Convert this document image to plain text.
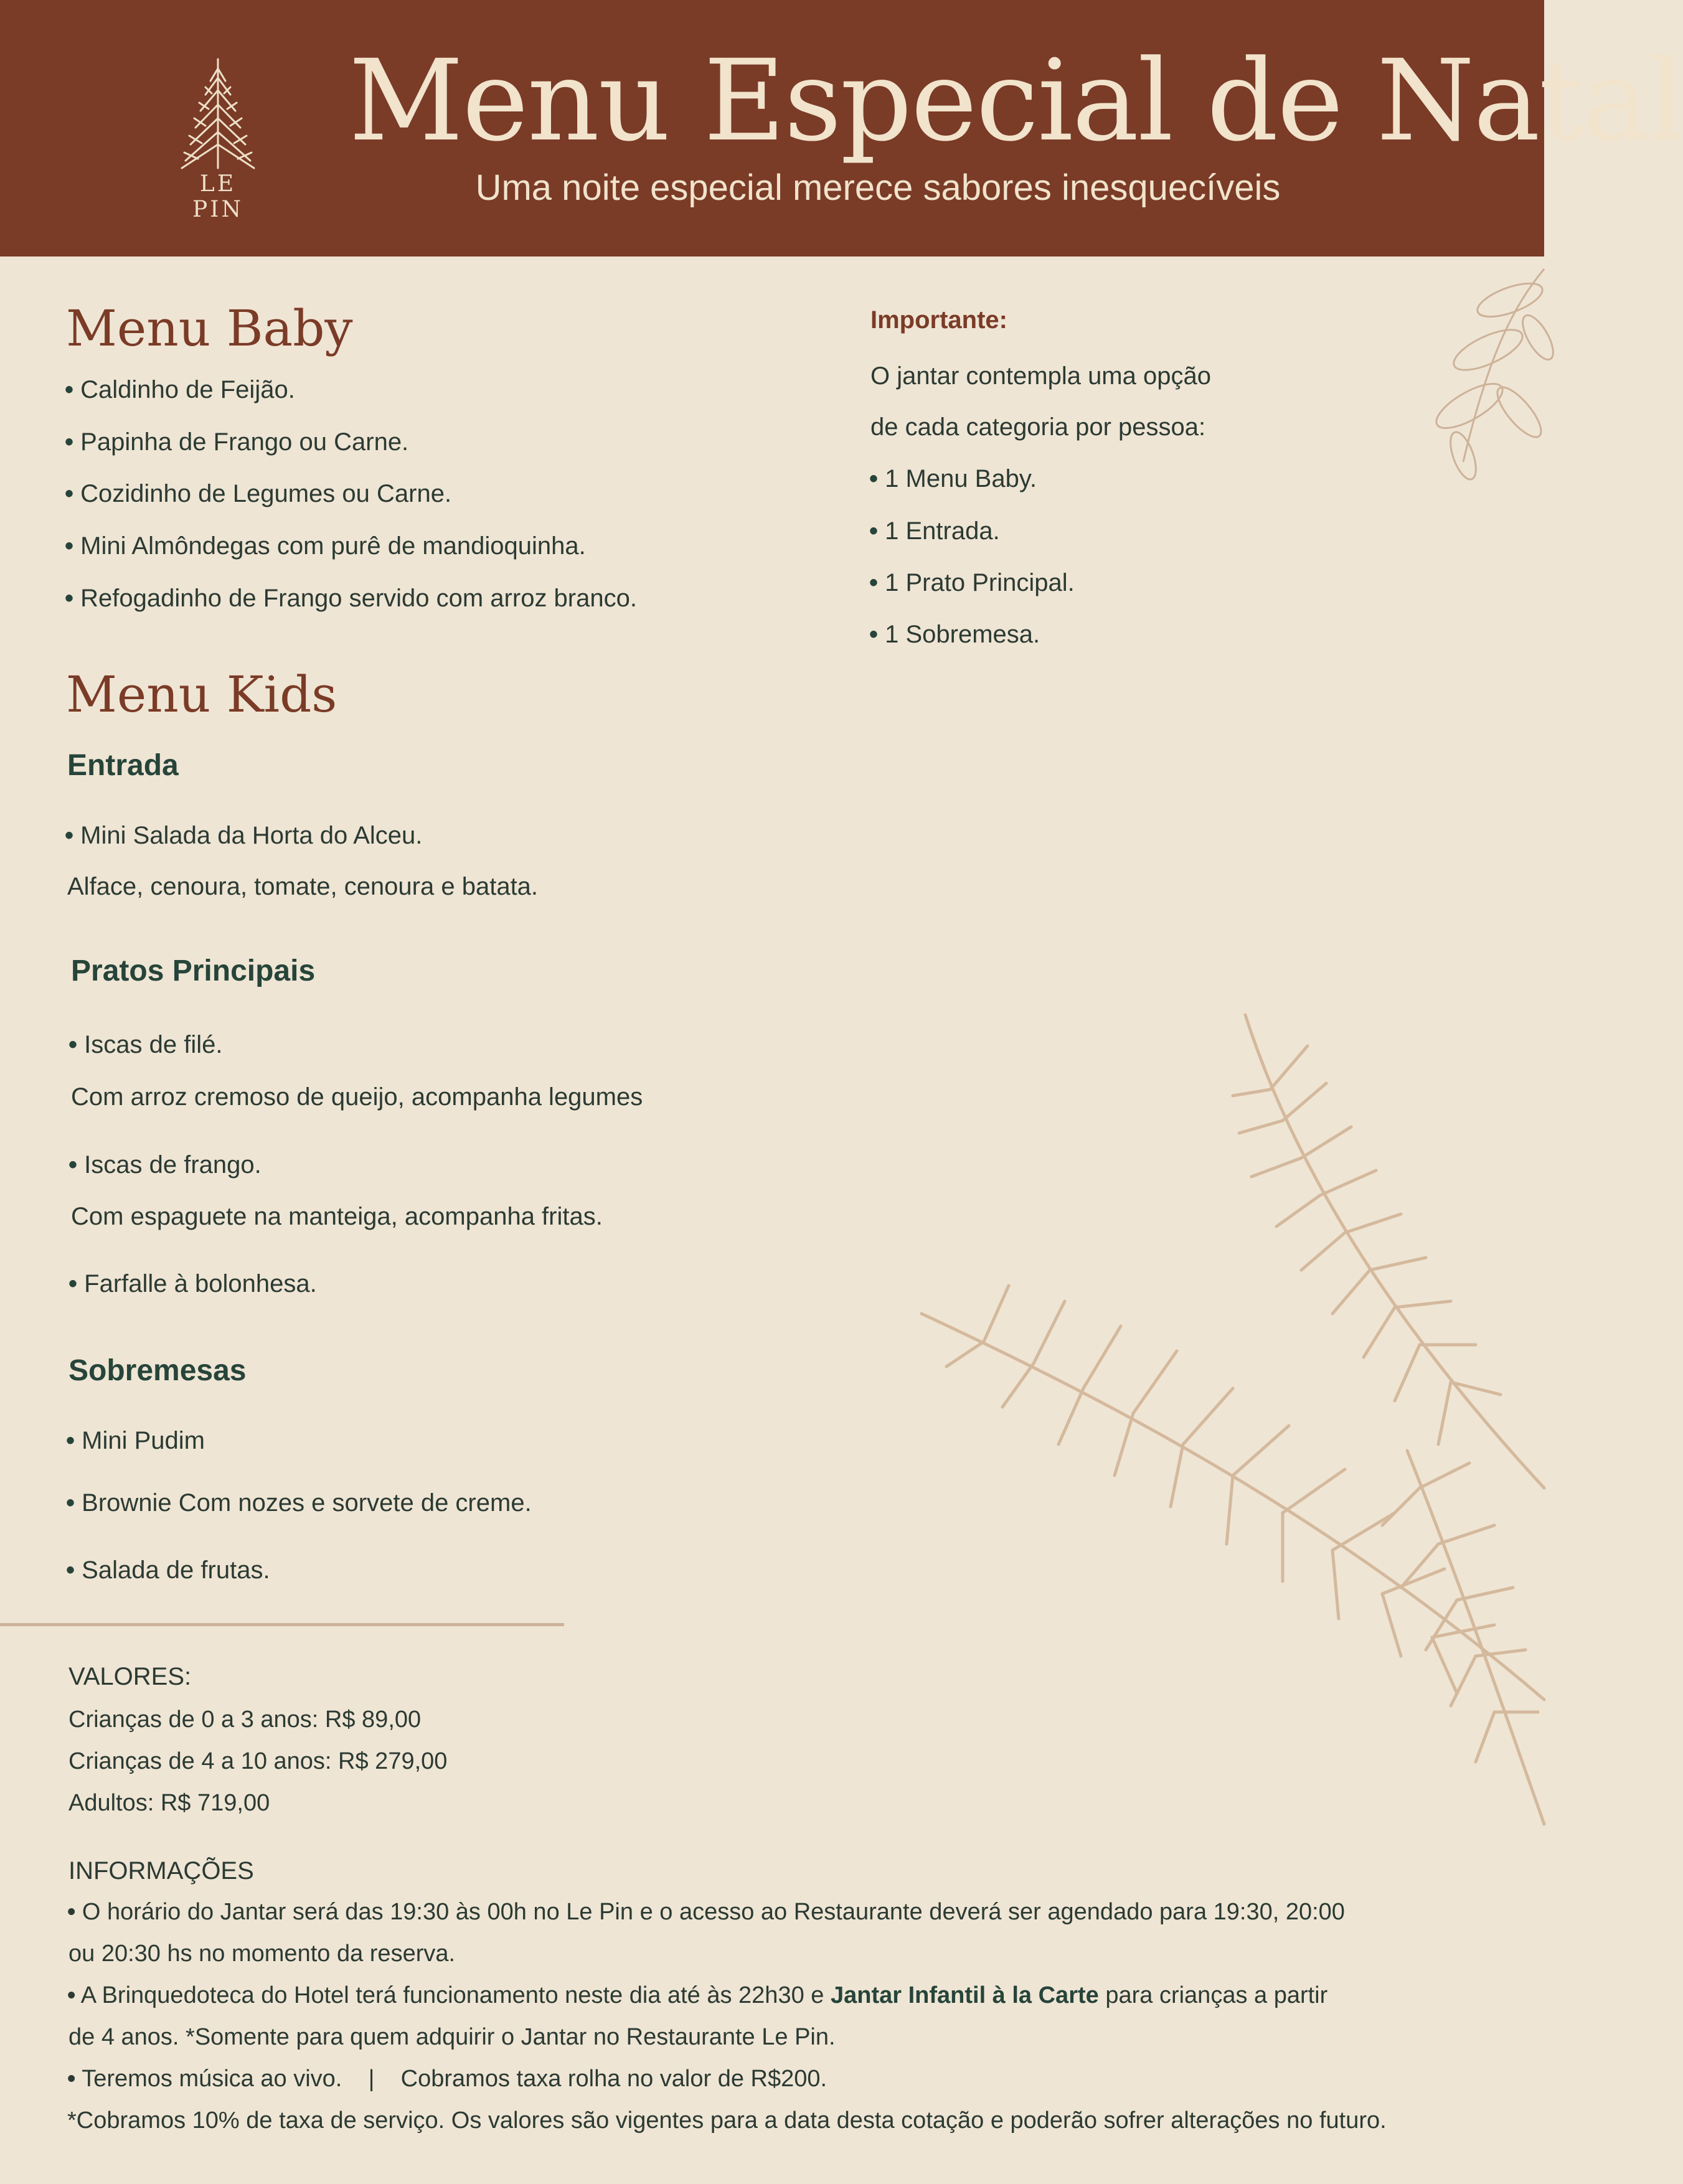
LE PIN
Menu Especial de Natal
Uma noite especial merece sabores inesquecíveis
Menu Baby
• Caldinho de Feijão.
• Papinha de Frango ou Carne.
• Cozidinho de Legumes ou Carne.
• Mini Almôndegas com purê de mandioquinha.
• Refogadinho de Frango servido com arroz branco.
Importante:
O jantar contempla uma opção
de cada categoria por pessoa:
• 1 Menu Baby.
• 1 Entrada.
• 1 Prato Principal.
• 1 Sobremesa.
Menu Kids
Entrada
• Mini Salada da Horta do Alceu.
Alface, cenoura, tomate, cenoura e batata.
Pratos Principais
• Iscas de filé.
Com arroz cremoso de queijo, acompanha legumes
• Iscas de frango.
Com espaguete na manteiga, acompanha fritas.
• Farfalle à bolonhesa.
Sobremesas
• Mini Pudim
• Brownie Com nozes e sorvete de creme.
• Salada de frutas.
VALORES:
Crianças de 0 a 3 anos: R$ 89,00
Crianças de 4 a 10 anos: R$ 279,00
Adultos: R$ 719,00
INFORMAÇÕES
• O horário do Jantar será das 19:30 às 00h no Le Pin e o acesso ao Restaurante deverá ser agendado para 19:30, 20:00
ou 20:30 hs no momento da reserva.
• A Brinquedoteca do Hotel terá funcionamento neste dia até às 22h30 e Jantar Infantil à la Carte para crianças a partir
de 4 anos. *Somente para quem adquirir o Jantar no Restaurante Le Pin.
• Teremos música ao vivo.    |    Cobramos taxa rolha no valor de R$200.
*Cobramos 10% de taxa de serviço. Os valores são vigentes para a data desta cotação e poderão sofrer alterações no futuro.
